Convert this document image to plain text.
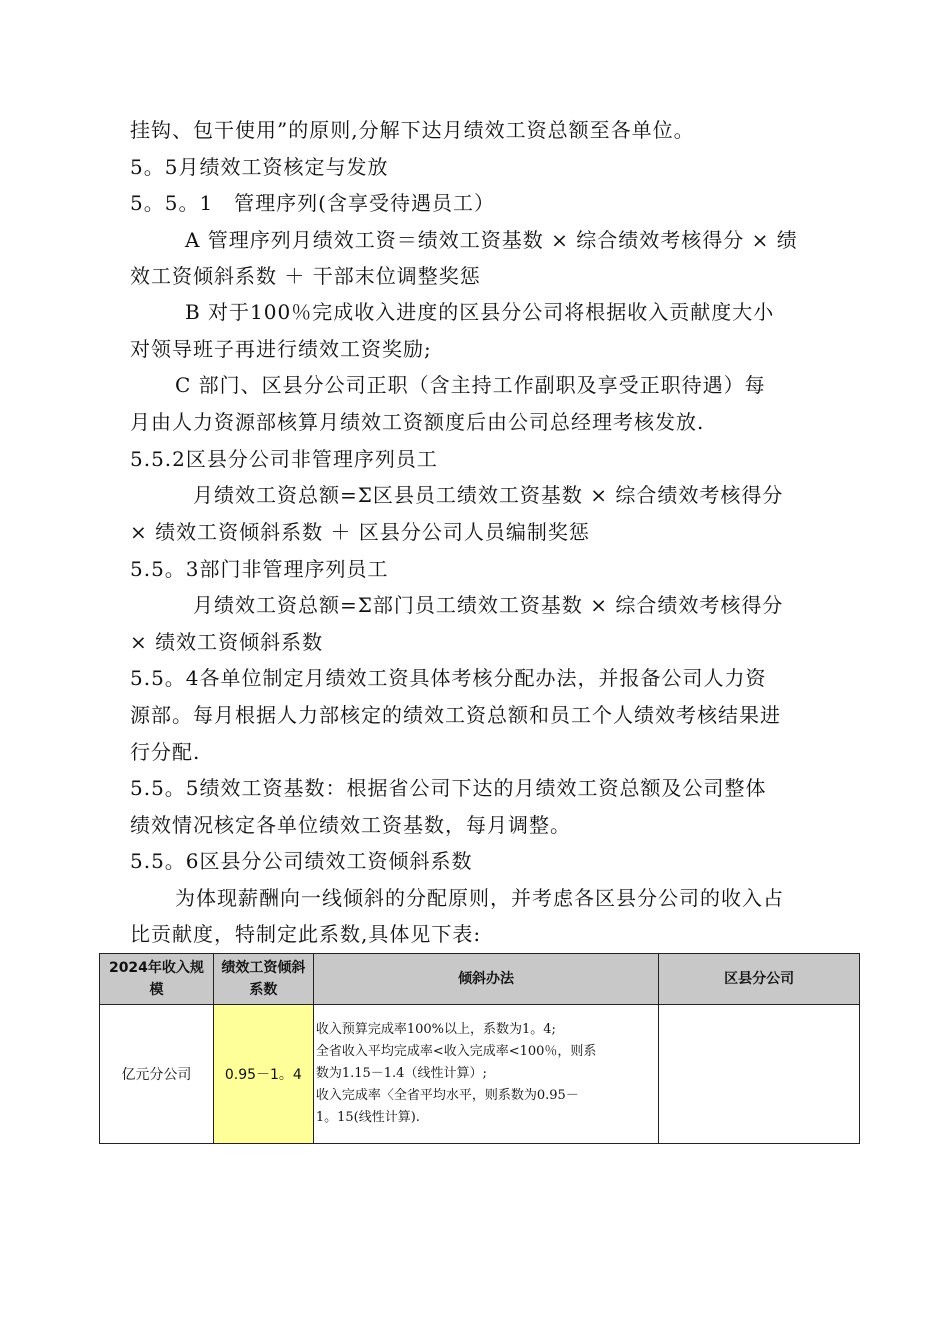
挂钩、包干使用”的原则,分解下达月绩效工资总额至各单位。
5。5月绩效工资核定与发放
5。5。1　管理序列(含享受待遇员工）
A 管理序列月绩效工资＝绩效工资基数 × 综合绩效考核得分 × 绩
效工资倾斜系数 ＋ 干部末位调整奖惩
B 对于100％完成收入进度的区县分公司将根据收入贡献度大小
对领导班子再进行绩效工资奖励;
C 部门、区县分公司正职（含主持工作副职及享受正职待遇）每
月由人力资源部核算月绩效工资额度后由公司总经理考核发放.
5.5.2区县分公司非管理序列员工
月绩效工资总额=Σ区县员工绩效工资基数 × 综合绩效考核得分
× 绩效工资倾斜系数 ＋ 区县分公司人员编制奖惩
5.5。3部门非管理序列员工
月绩效工资总额=Σ部门员工绩效工资基数 × 综合绩效考核得分
× 绩效工资倾斜系数
5.5。4各单位制定月绩效工资具体考核分配办法，并报备公司人力资
源部。每月根据人力部核定的绩效工资总额和员工个人绩效考核结果进
行分配.
5.5。5绩效工资基数：根据省公司下达的月绩效工资总额及公司整体
绩效情况核定各单位绩效工资基数，每月调整。
5.5。6区县分公司绩效工资倾斜系数
为体现薪酬向一线倾斜的分配原则，并考虑各区县分公司的收入占
比贡献度，特制定此系数,具体见下表:
2024年收入规模	绩效工资倾斜系数	倾斜办法	区县分公司
亿元分公司	0.95－1。4	收入预算完成率100%以上，系数为1。4;
全省收入平均完成率<收入完成率<100％，则系
数为1.15－1.4（线性计算）;
收入完成率〈全省平均水平，则系数为0.95－
1。15(线性计算).	
